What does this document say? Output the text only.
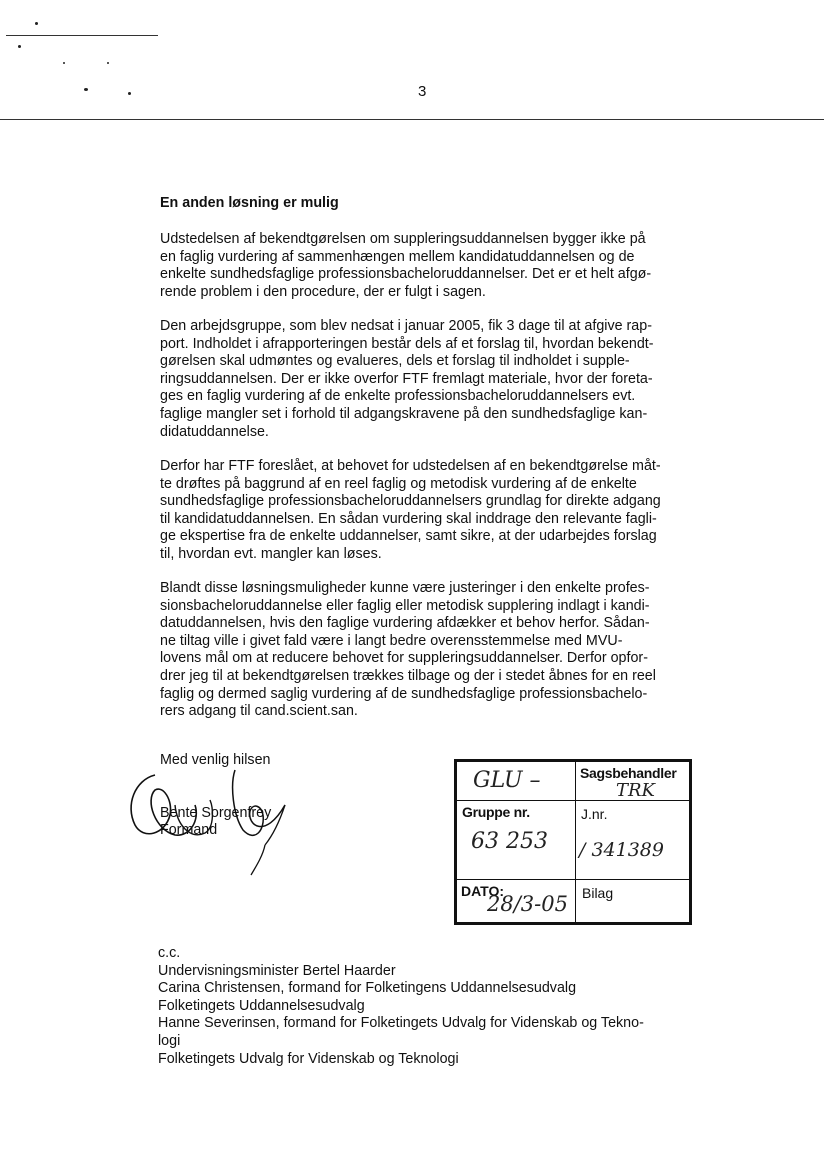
3
En anden løsning er mulig
Udstedelsen af bekendtgørelsen om suppleringsuddannelsen bygger ikke på
en faglig vurdering af sammenhængen mellem kandidatuddannelsen og de
enkelte sundhedsfaglige professionsbacheloruddannelser. Det er et helt afgø-
rende problem i den procedure, der er fulgt i sagen.
Den arbejdsgruppe, som blev nedsat i januar 2005, fik 3 dage til at afgive rap-
port. Indholdet i afrapporteringen består dels af et forslag til, hvordan bekendt-
gørelsen skal udmøntes og evalueres, dels et forslag til indholdet i supple-
ringsuddannelsen. Der er ikke overfor FTF fremlagt materiale, hvor der foreta-
ges en faglig vurdering af de enkelte professionsbacheloruddannelsers evt.
faglige mangler set i forhold til adgangskravene på den sundhedsfaglige kan-
didatuddannelse.
Derfor har FTF foreslået, at behovet for udstedelsen af en bekendtgørelse måt-
te drøftes på baggrund af en reel faglig og metodisk vurdering af de enkelte
sundhedsfaglige professionsbacheloruddannelsers grundlag for direkte adgang
til kandidatuddannelsen. En sådan vurdering skal inddrage den relevante fagli-
ge ekspertise fra de enkelte uddannelser, samt sikre, at der udarbejdes forslag
til, hvordan evt. mangler kan løses.
Blandt disse løsningsmuligheder kunne være justeringer i den enkelte profes-
sionsbacheloruddannelse eller faglig eller metodisk supplering indlagt i kandi-
datuddannelsen, hvis den faglige vurdering afdækker et behov herfor. Sådan-
ne tiltag ville i givet fald være i langt bedre overensstemmelse med MVU-
lovens mål om at reducere behovet for suppleringsuddannelser. Derfor opfor-
drer jeg til at bekendtgørelsen trækkes tilbage og der i stedet åbnes for en reel
faglig og dermed saglig vurdering af de sundhedsfaglige professionsbachelo-
rers adgang til cand.scient.san.
Med venlig hilsen
Bente Sorgenfrey
Formand
GLU –	Sagsbehandler
TRK
Gruppe nr.
63 253
J.nr.
/ 341389
DATO:
28/3-05 Bilag
c.c.
Undervisningsminister Bertel Haarder
Carina Christensen, formand for Folketingens Uddannelsesudvalg
Folketingets Uddannelsesudvalg
Hanne Severinsen, formand for Folketingets Udvalg for Videnskab og Tekno-
logi
Folketingets Udvalg for Videnskab og Teknologi
